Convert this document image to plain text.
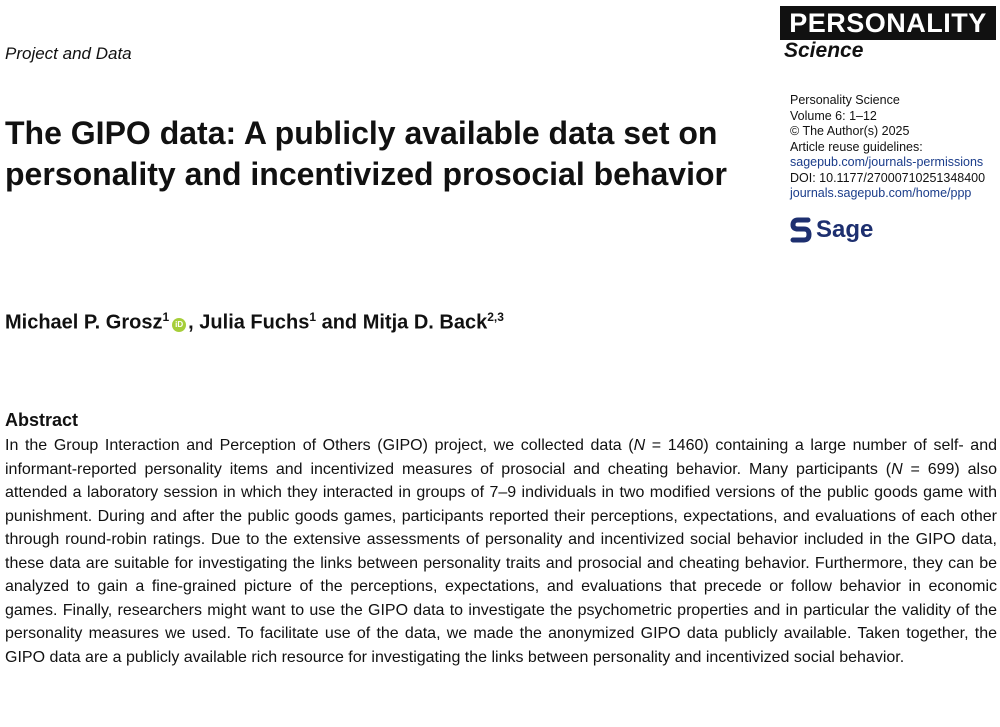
Project and Data
PERSONALITY
Science
The GIPO data: A publicly available data set on personality and incentivized prosocial behavior
Personality Science
Volume 6: 1–12
© The Author(s) 2025
Article reuse guidelines:
sagepub.com/journals-permissions
DOI: 10.1177/27000710251348400
journals.sagepub.com/home/ppp
Sage
Michael P. Grosz$^1$iD , Julia Fuchs$^1$ and Mitja D. Back$^{2,3}$
Abstract

In the Group Interaction and Perception of Others (GIPO) project, we collected data (N = 1460) containing a large number of self- and informant-reported personality items and incentivized measures of prosocial and cheating behavior. Many participants (N = 699) also attended a laboratory session in which they interacted in groups of 7–9 individuals in two modified versions of the public goods game with punishment. During and after the public goods games, participants reported their perceptions, expectations, and evaluations of each other through round-robin ratings. Due to the extensive assessments of personality and incentivized social behavior included in the GIPO data, these data are suitable for investigating the links between personality traits and prosocial and cheating behavior. Furthermore, they can be analyzed to gain a fine-grained picture of the perceptions, expectations, and evaluations that precede or follow behavior in economic games. Finally, researchers might want to use the GIPO data to investigate the psychometric properties and in particular the validity of the personality measures we used. To facilitate use of the data, we made the anonymized GIPO data publicly available. Taken together, the GIPO data are a publicly available rich resource for investigating the links between personality and incentivized social behavior.
